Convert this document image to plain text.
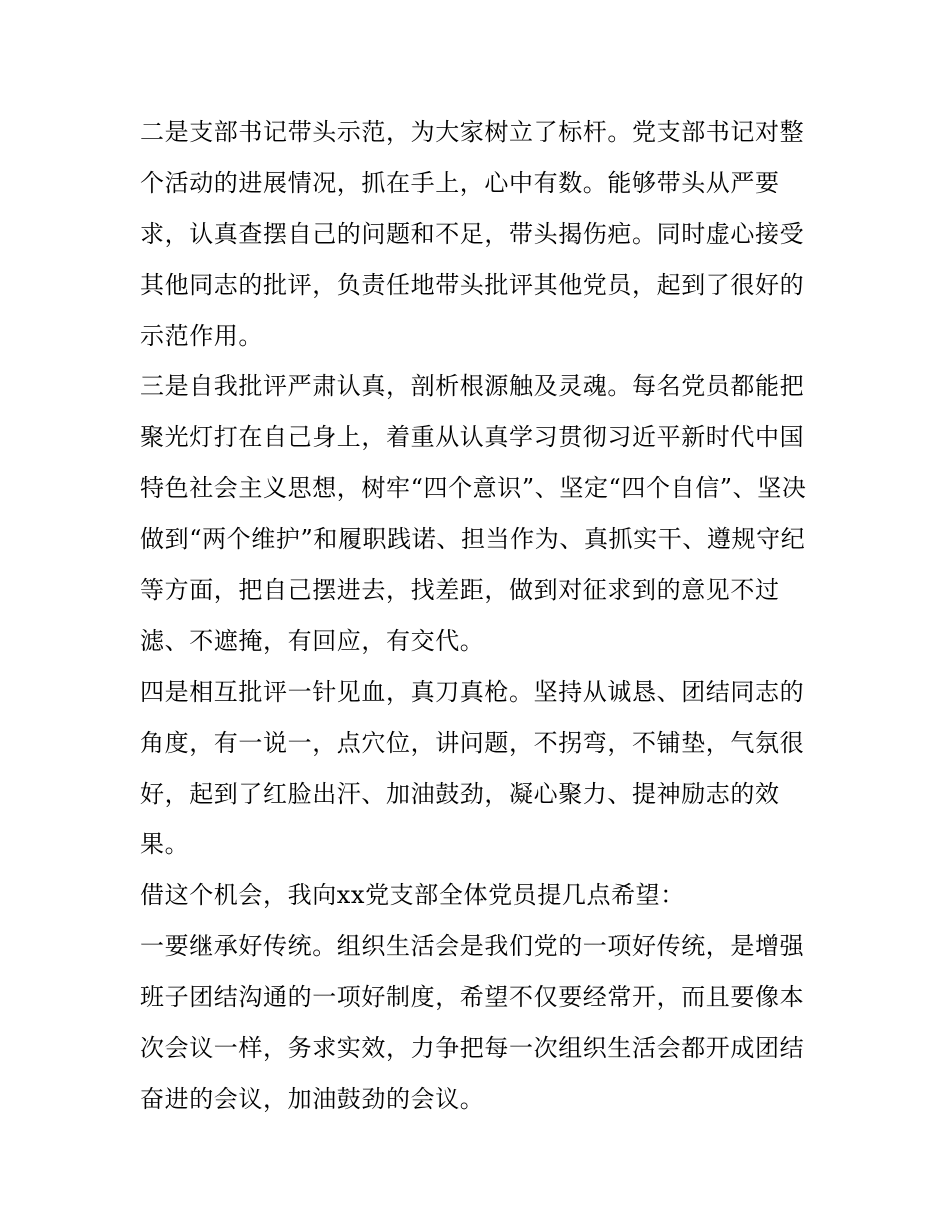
二是支部书记带头示范，为大家树立了标杆。党支部书记对整
个活动的进展情况，抓在手上，心中有数。能够带头从严要
求，认真查摆自己的问题和不足，带头揭伤疤。同时虚心接受
其他同志的批评，负责任地带头批评其他党员，起到了很好的
示范作用。
三是自我批评严肃认真，剖析根源触及灵魂。每名党员都能把
聚光灯打在自己身上，着重从认真学习贯彻习近平新时代中国
特色社会主义思想，树牢“四个意识”、坚定“四个自信”、坚决
做到“两个维护”和履职践诺、担当作为、真抓实干、遵规守纪
等方面，把自己摆进去，找差距，做到对征求到的意见不过
滤、不遮掩，有回应，有交代。
四是相互批评一针见血，真刀真枪。坚持从诚恳、团结同志的
角度，有一说一，点穴位，讲问题，不拐弯，不铺垫，气氛很
好，起到了红脸出汗、加油鼓劲，凝心聚力、提神励志的效
果。
借这个机会，我向xx党支部全体党员提几点希望：
一要继承好传统。组织生活会是我们党的一项好传统，是增强
班子团结沟通的一项好制度，希望不仅要经常开，而且要像本
次会议一样，务求实效，力争把每一次组织生活会都开成团结
奋进的会议，加油鼓劲的会议。
